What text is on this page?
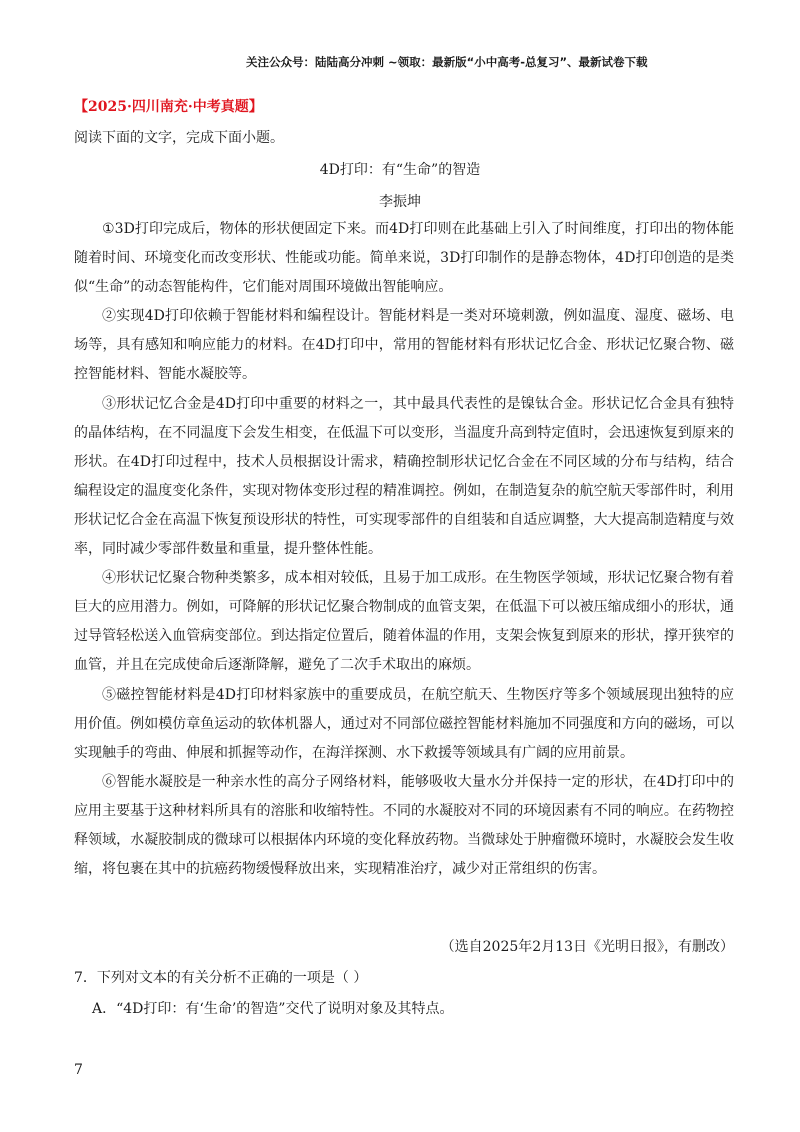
关注公众号：陆陆高分冲刺 ~领取：最新版“小中高考-总复习”、最新试卷下载
【2025·四川南充·中考真题】
阅读下面的文字，完成下面小题。
4D打印：有“生命”的智造
李振坤

①3D打印完成后，物体的形状便固定下来。而4D打印则在此基础上引入了时间维度，打印出的物体能随着时间、环境变化而改变形状、性能或功能。简单来说，3D打印制作的是静态物体，4D打印创造的是类似“生命”的动态智能构件，它们能对周围环境做出智能响应。

②实现4D打印依赖于智能材料和编程设计。智能材料是一类对环境刺激，例如温度、湿度、磁场、电场等，具有感知和响应能力的材料。在4D打印中，常用的智能材料有形状记忆合金、形状记忆聚合物、磁控智能材料、智能水凝胶等。

③形状记忆合金是4D打印中重要的材料之一，其中最具代表性的是镍钛合金。形状记忆合金具有独特的晶体结构，在不同温度下会发生相变，在低温下可以变形，当温度升高到特定值时，会迅速恢复到原来的形状。在4D打印过程中，技术人员根据设计需求，精确控制形状记忆合金在不同区域的分布与结构，结合编程设定的温度变化条件，实现对物体变形过程的精准调控。例如，在制造复杂的航空航天零部件时，利用形状记忆合金在高温下恢复预设形状的特性，可实现零部件的自组装和自适应调整，大大提高制造精度与效率，同时减少零部件数量和重量，提升整体性能。

④形状记忆聚合物种类繁多，成本相对较低，且易于加工成形。在生物医学领域，形状记忆聚合物有着巨大的应用潜力。例如，可降解的形状记忆聚合物制成的血管支架，在低温下可以被压缩成细小的形状，通过导管轻松送入血管病变部位。到达指定位置后，随着体温的作用，支架会恢复到原来的形状，撑开狭窄的血管，并且在完成使命后逐渐降解，避免了二次手术取出的麻烦。

⑤磁控智能材料是4D打印材料家族中的重要成员，在航空航天、生物医疗等多个领域展现出独特的应用价值。例如模仿章鱼运动的软体机器人，通过对不同部位磁控智能材料施加不同强度和方向的磁场，可以实现触手的弯曲、伸展和抓握等动作，在海洋探测、水下救援等领域具有广阔的应用前景。

⑥智能水凝胶是一种亲水性的高分子网络材料，能够吸收大量水分并保持一定的形状，在4D打印中的应用主要基于这种材料所具有的溶胀和收缩特性。不同的水凝胶对不同的环境因素有不同的响应。在药物控释领域，水凝胶制成的微球可以根据体内环境的变化释放药物。当微球处于肿瘤微环境时，水凝胶会发生收缩，将包裹在其中的抗癌药物缓慢释放出来，实现精准治疗，减少对正常组织的伤害。

（选自2025年2月13日《光明日报》，有删改）
7．下列对文本的有关分析不正确的一项是（ ）
A．“4D打印：有‘生命’的智造”交代了说明对象及其特点。
7
